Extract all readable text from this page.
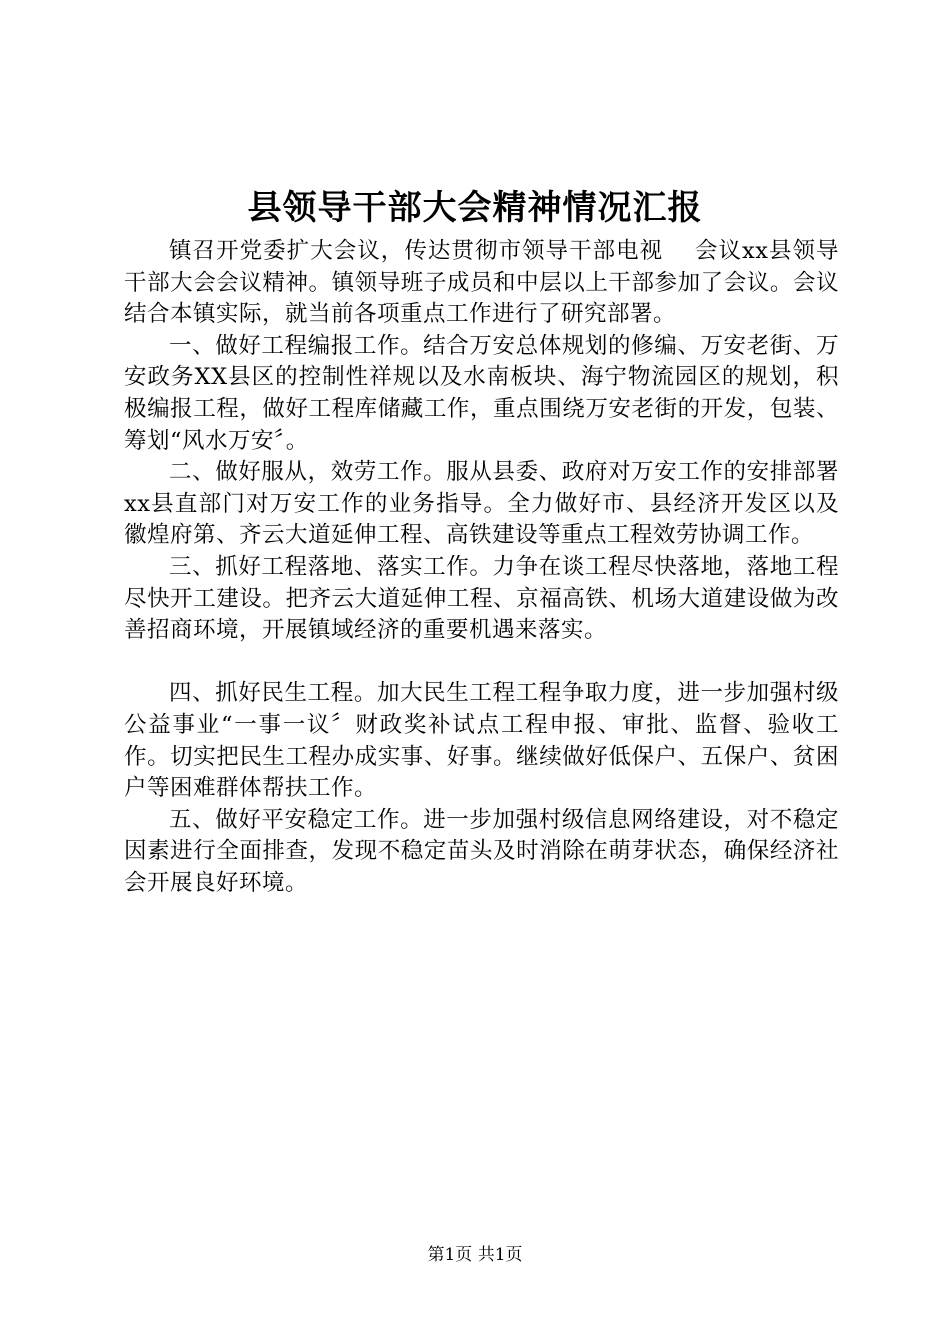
县领导干部大会精神情况汇报

镇召开党委扩大会议，传达贯彻市领导干部电视　 会议xx县领导干部大会会议精神。镇领导班子成员和中层以上干部参加了会议。会议结合本镇实际，就当前各项重点工作进行了研究部署。

一、做好工程编报工作。结合万安总体规划的修编、万安老街、万安政务XX县区的控制性祥规以及水南板块、海宁物流园区的规划，积极编报工程，做好工程库储藏工作，重点围绕万安老街的开发，包装、筹划“风水万安〞。

二、做好服从，效劳工作。服从县委、政府对万安工作的安排部署xx县直部门对万安工作的业务指导。全力做好市、县经济开发区以及徽煌府第、齐云大道延伸工程、高铁建设等重点工程效劳协调工作。

三、抓好工程落地、落实工作。力争在谈工程尽快落地，落地工程尽快开工建设。把齐云大道延伸工程、京福高铁、机场大道建设做为改善招商环境，开展镇域经济的重要机遇来落实。

四、抓好民生工程。加大民生工程工程争取力度，进一步加强村级公益事业“一事一议〞财政奖补试点工程申报、审批、监督、验收工作。切实把民生工程办成实事、好事。继续做好低保户、五保户、贫困户等困难群体帮扶工作。

五、做好平安稳定工作。进一步加强村级信息网络建设，对不稳定因素进行全面排查，发现不稳定苗头及时消除在萌芽状态，确保经济社会开展良好环境。

第1页 共1页
